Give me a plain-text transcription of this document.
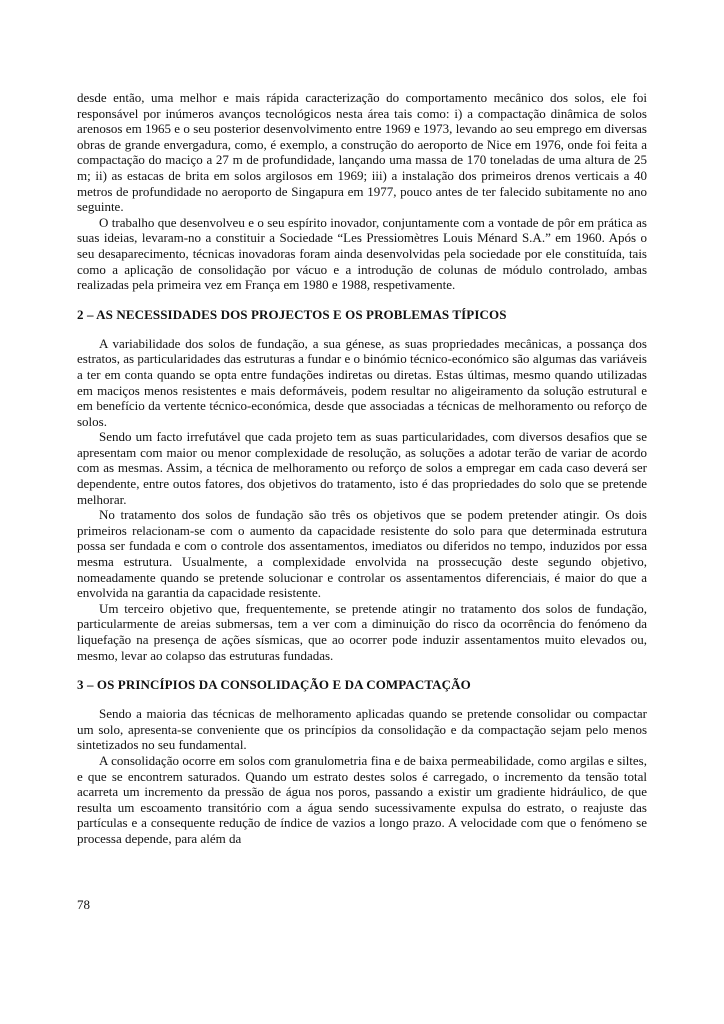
desde então, uma melhor e mais rápida caracterização do comportamento mecânico dos solos, ele foi responsável por inúmeros avanços tecnológicos nesta área tais como: i) a compactação dinâmica de solos arenosos em 1965 e o seu posterior desenvolvimento entre 1969 e 1973, levando ao seu emprego em diversas obras de grande envergadura, como, é exemplo, a construção do aeroporto de Nice em 1976, onde foi feita a compactação do maciço a 27 m de profundidade, lançando uma massa de 170 toneladas de uma altura de 25 m; ii) as estacas de brita em solos argilosos em 1969; iii) a instalação dos primeiros drenos verticais a 40 metros de profundidade no aeroporto de Singapura em 1977, pouco antes de ter falecido subitamente no ano seguinte.

O trabalho que desenvolveu e o seu espírito inovador, conjuntamente com a vontade de pôr em prática as suas ideias, levaram-no a constituir a Sociedade “Les Pressiomètres Louis Ménard S.A.” em 1960. Após o seu desaparecimento, técnicas inovadoras foram ainda desenvolvidas pela sociedade por ele constituída, tais como a aplicação de consolidação por vácuo e a introdução de colunas de módulo controlado, ambas realizadas pela primeira vez em França em 1980 e 1988, respetivamente.

2 – AS NECESSIDADES DOS PROJECTOS E OS PROBLEMAS TÍPICOS

A variabilidade dos solos de fundação, a sua génese, as suas propriedades mecânicas, a possança dos estratos, as particularidades das estruturas a fundar e o binómio técnico-económico são algumas das variáveis a ter em conta quando se opta entre fundações indiretas ou diretas. Estas últimas, mesmo quando utilizadas em maciços menos resistentes e mais deformáveis, podem resultar no aligeiramento da solução estrutural e em benefício da vertente técnico-económica, desde que associadas a técnicas de melhoramento ou reforço de solos.

Sendo um facto irrefutável que cada projeto tem as suas particularidades, com diversos desafios que se apresentam com maior ou menor complexidade de resolução, as soluções a adotar terão de variar de acordo com as mesmas. Assim, a técnica de melhoramento ou reforço de solos a empregar em cada caso deverá ser dependente, entre outos fatores, dos objetivos do tratamento, isto é das propriedades do solo que se pretende melhorar.

No tratamento dos solos de fundação são três os objetivos que se podem pretender atingir. Os dois primeiros relacionam-se com o aumento da capacidade resistente do solo para que determinada estrutura possa ser fundada e com o controle dos assentamentos, imediatos ou diferidos no tempo, induzidos por essa mesma estrutura. Usualmente, a complexidade envolvida na prossecução deste segundo objetivo, nomeadamente quando se pretende solucionar e controlar os assentamentos diferenciais, é maior do que a envolvida na garantia da capacidade resistente.

Um terceiro objetivo que, frequentemente, se pretende atingir no tratamento dos solos de fundação, particularmente de areias submersas, tem a ver com a diminuição do risco da ocorrência do fenómeno da liquefação na presença de ações sísmicas, que ao ocorrer pode induzir assentamentos muito elevados ou, mesmo, levar ao colapso das estruturas fundadas.

3 – OS PRINCÍPIOS DA CONSOLIDAÇÃO E DA COMPACTAÇÃO

Sendo a maioria das técnicas de melhoramento aplicadas quando se pretende consolidar ou compactar um solo, apresenta-se conveniente que os princípios da consolidação e da compactação sejam pelo menos sintetizados no seu fundamental.

A consolidação ocorre em solos com granulometria fina e de baixa permeabilidade, como argilas e siltes, e que se encontrem saturados. Quando um estrato destes solos é carregado, o incremento da tensão total acarreta um incremento da pressão de água nos poros, passando a existir um gradiente hidráulico, de que resulta um escoamento transitório com a água sendo sucessivamente expulsa do estrato, o reajuste das partículas e a consequente redução de índice de vazios a longo prazo. A velocidade com que o fenómeno se processa depende, para além da

78
